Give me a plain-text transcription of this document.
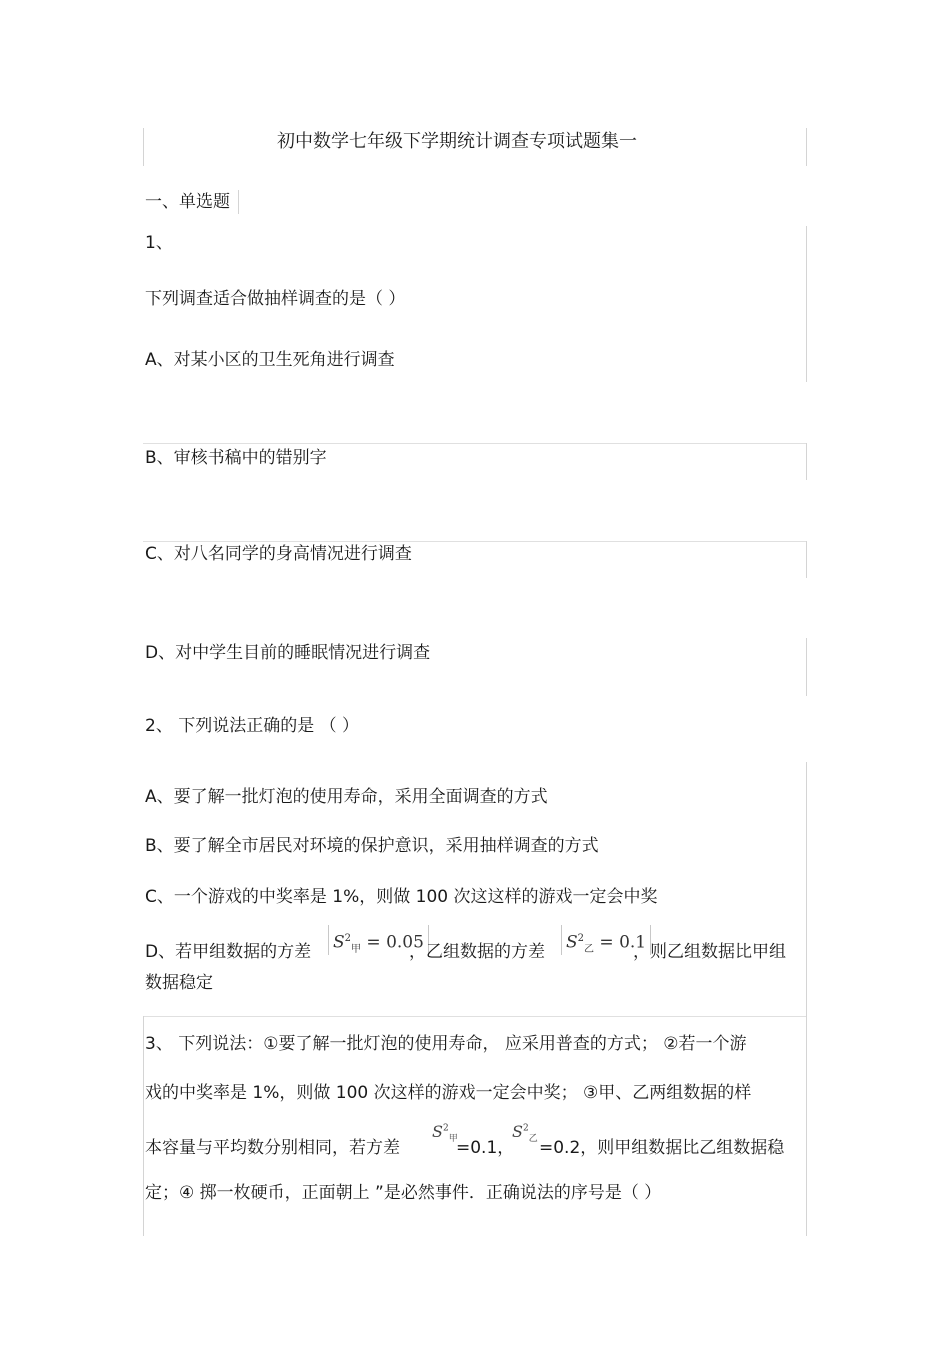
初中数学七年级下学期统计调查专项试题集一
一、单选题
1、
下列调查适合做抽样调查的是（ ）
A、对某小区的卫生死角进行调查
B、审核书稿中的错别字
C、对八名同学的身高情况进行调查
D、对中学生目前的睡眠情况进行调查
2、 下列说法正确的是 （ ）
A、要了解一批灯泡的使用寿命，采用全面调查的方式
B、要了解全市居民对环境的保护意识，采用抽样调查的方式
C、一个游戏的中奖率是 1%，则做 100 次这这样的游戏一定会中奖
D、若甲组数据的方差 $S^2_甲 = 0.05$
，乙组数据的方差 $S^2_乙 = 0.1$
，则乙组数据比甲组
数据稳定
3、 下列说法：①要了解一批灯泡的使用寿命， 应采用普查的方式； ②若一个游
戏的中奖率是 1%，则做 100 次这样的游戏一定会中奖； ③甲、乙两组数据的样
本容量与平均数分别相同，若方差
$S^2_甲$
=0.1，
$S^2_乙 =0.2$，则甲组数据比乙组数据稳
定；④ 掷一枚硬币，正面朝上 ”是必然事件．正确说法的序号是（ ）
